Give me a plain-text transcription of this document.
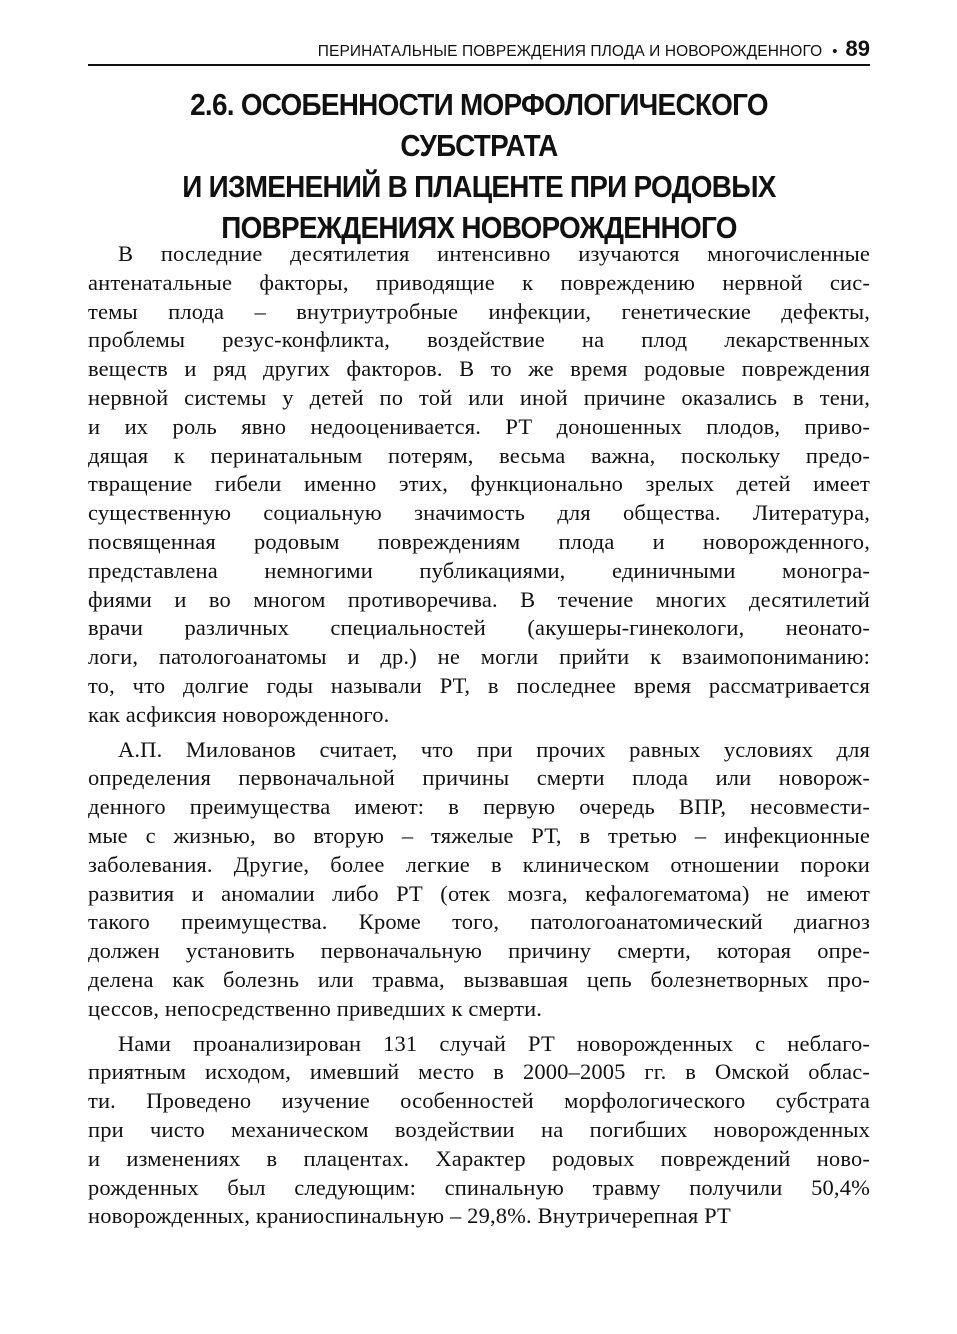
ПЕРИНАТАЛЬНЫЕ ПОВРЕЖДЕНИЯ ПЛОДА И НОВОРОЖДЕННОГО • 89
2.6. ОСОБЕННОСТИ МОРФОЛОГИЧЕСКОГО СУБСТРАТА
И ИЗМЕНЕНИЙ В ПЛАЦЕНТЕ ПРИ РОДОВЫХ
ПОВРЕЖДЕНИЯХ НОВОРОЖДЕННОГО

В последние десятилетия интенсивно изучаются многочисленные
антенатальные факторы, приводящие к повреждению нервной сис-
темы плода – внутриутробные инфекции, генетические дефекты,
проблемы резус-конфликта, воздействие на плод лекарственных
веществ и ряд других факторов. В то же время родовые повреждения
нервной системы у детей по той или иной причине оказались в тени,
и их роль явно недооценивается. РТ доношенных плодов, приво-
дящая к перинатальным потерям, весьма важна, поскольку предо-
твращение гибели именно этих, функционально зрелых детей имеет
существенную социальную значимость для общества. Литература,
посвященная родовым повреждениям плода и новорожденного,
представлена немногими публикациями, единичными моногра-
фиями и во многом противоречива. В течение многих десятилетий
врачи различных специальностей (акушеры-гинекологи, неонато-
логи, патологоанатомы и др.) не могли прийти к взаимопониманию:
то, что долгие годы называли РТ, в последнее время рассматривается
как асфиксия новорожденного.

А.П. Милованов считает, что при прочих равных условиях для
определения первоначальной причины смерти плода или новорож-
денного преимущества имеют: в первую очередь ВПР, несовмести-
мые с жизнью, во вторую – тяжелые РТ, в третью – инфекционные
заболевания. Другие, более легкие в клиническом отношении пороки
развития и аномалии либо РТ (отек мозга, кефалогематома) не имеют
такого преимущества. Кроме того, патологоанатомический диагноз
должен установить первоначальную причину смерти, которая опре-
делена как болезнь или травма, вызвавшая цепь болезнетворных про-
цессов, непосредственно приведших к смерти.

Нами проанализирован 131 случай РТ новорожденных с неблаго-
приятным исходом, имевший место в 2000–2005 гг. в Омской облас-
ти. Проведено изучение особенностей морфологического субстрата
при чисто механическом воздействии на погибших новорожденных
и изменениях в плацентах. Характер родовых повреждений ново-
рожденных был следующим: спинальную травму получили 50,4%
новорожденных, краниоспинальную – 29,8%. Внутричерепная РТ
